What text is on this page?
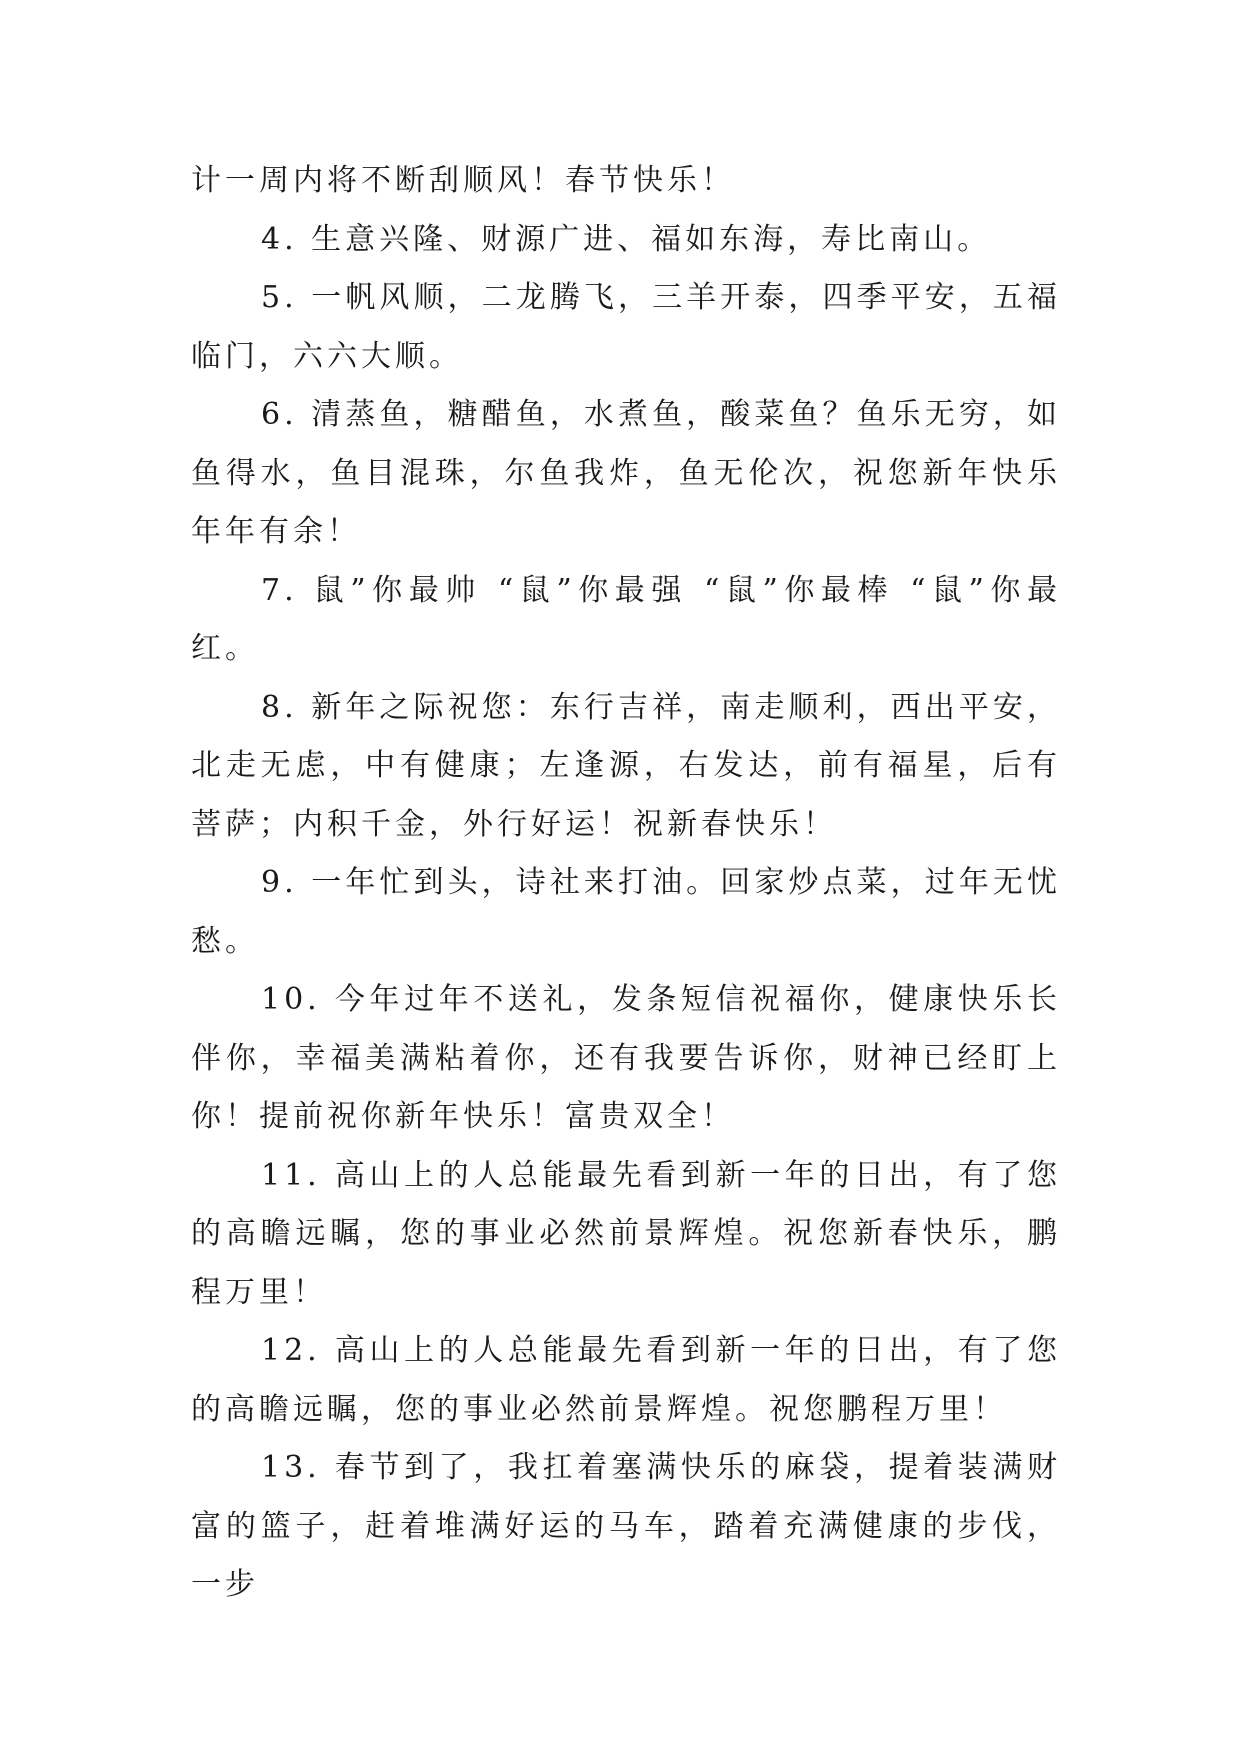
计一周内将不断刮顺风！春节快乐！

4. 生意兴隆、财源广进、福如东海，寿比南山。

5. 一帆风顺，二龙腾飞，三羊开泰，四季平安，五福临门，六六大顺。

6. 清蒸鱼，糖醋鱼，水煮鱼，酸菜鱼？鱼乐无穷，如鱼得水，鱼目混珠，尔鱼我炸，鱼无伦次，祝您新年快乐年年有余！

7. 鼠”你最帅 “鼠”你最强 “鼠”你最棒 “鼠”你最红。

8. 新年之际祝您：东行吉祥，南走顺利，西出平安，北走无虑，中有健康；左逢源，右发达，前有福星，后有菩萨；内积千金，外行好运！祝新春快乐！

9. 一年忙到头，诗社来打油。回家炒点菜，过年无忧愁。

10. 今年过年不送礼，发条短信祝福你，健康快乐长伴你，幸福美满粘着你，还有我要告诉你，财神已经盯上你！提前祝你新年快乐！富贵双全！

11. 高山上的人总能最先看到新一年的日出，有了您的高瞻远瞩，您的事业必然前景辉煌。祝您新春快乐，鹏程万里！

12. 高山上的人总能最先看到新一年的日出，有了您的高瞻远瞩，您的事业必然前景辉煌。祝您鹏程万里！

13. 春节到了，我扛着塞满快乐的麻袋，提着装满财富的篮子，赶着堆满好运的马车，踏着充满健康的步伐，一步
